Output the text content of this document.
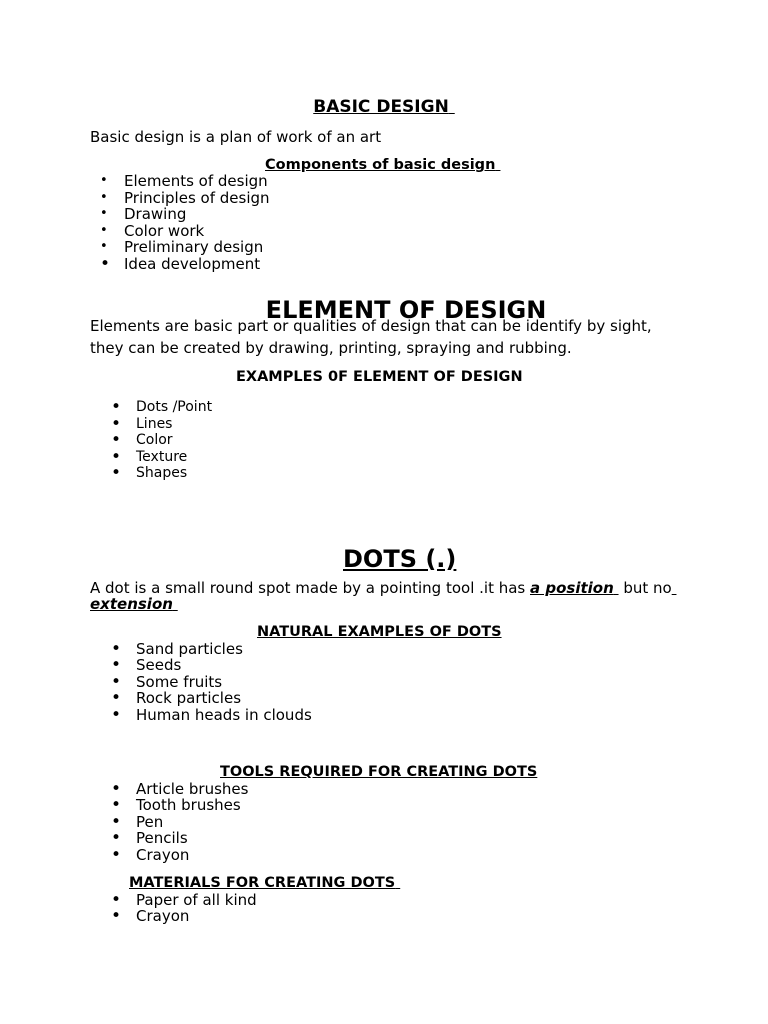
BASIC DESIGN

Basic design is a plan of work of an art

Components of basic design

• Elements of design
• Principles of design
• Drawing
• Color work
• Preliminary design
• Idea development
ELEMENT OF DESIGN

Elements are basic part or qualities of design that can be identify by sight,

they can be created by drawing, printing, spraying and rubbing.

EXAMPLES 0F ELEMENT OF DESIGN

• Dots /Point
• Lines
• Color
• Texture
• Shapes
DOTS (.)

A dot is a small round spot made by a pointing tool .it has a position  but no

extension

NATURAL EXAMPLES OF DOTS

• Sand particles
• Seeds
• Some fruits
• Rock particles
• Human heads in clouds

TOOLS REQUIRED FOR CREATING DOTS

• Article brushes
• Tooth brushes
• Pen
• Pencils
• Crayon

MATERIALS FOR CREATING DOTS

• Paper of all kind
• Crayon
